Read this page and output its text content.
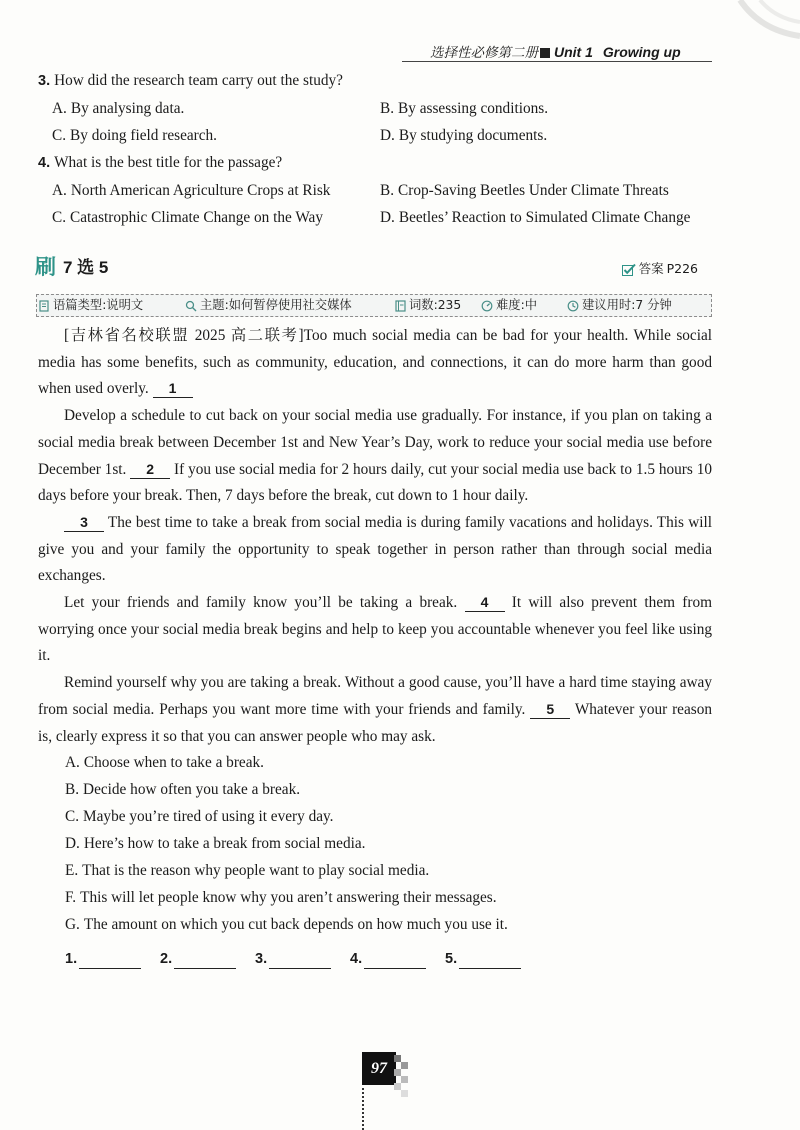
选择性必修第二册 Unit 1 Growing up
3. How did the research team carry out the study?
A. By analysing data.	B. By assessing conditions.
C. By doing field research.	D. By studying documents.
4. What is the best title for the passage?
A. North American Agriculture Crops at Risk	B. Crop-Saving Beetles Under Climate Threats
C. Catastrophic Climate Change on the Way	D. Beetles’ Reaction to Simulated Climate Change
刷 7 选 5	答案 P226
语篇类型:说明文	主题:如何暂停使用社交媒体	词数:235	难度:中	建议用时:7 分钟

[吉林省名校联盟 2025 高二联考]Too much social media can be bad for your health. While social media has some benefits, such as community, education, and connections, it can do more harm than good when used overly. 1

Develop a schedule to cut back on your social media use gradually. For instance, if you plan on taking a social media break between December 1st and New Year’s Day, work to reduce your social media use before December 1st. 2 If you use social media for 2 hours daily, cut your social media use back to 1.5 hours 10 days before your break. Then, 7 days before the break, cut down to 1 hour daily.

3 The best time to take a break from social media is during family vacations and holidays. This will give you and your family the opportunity to speak together in person rather than through social media exchanges.

Let your friends and family know you’ll be taking a break. 4 It will also prevent them from worrying once your social media break begins and help to keep you accountable whenever you feel like using it.

Remind yourself why you are taking a break. Without a good cause, you’ll have a hard time staying away from social media. Perhaps you want more time with your friends and family. 5 Whatever your reason is, clearly express it so that you can answer people who may ask.

A. Choose when to take a break.
B. Decide how often you take a break.
C. Maybe you’re tired of using it every day.
D. Here’s how to take a break from social media.
E. That is the reason why people want to play social media.
F. This will let people know why you aren’t answering their messages.
G. The amount on which you cut back depends on how much you use it.
1.	2.	3.	4.	5.
97
